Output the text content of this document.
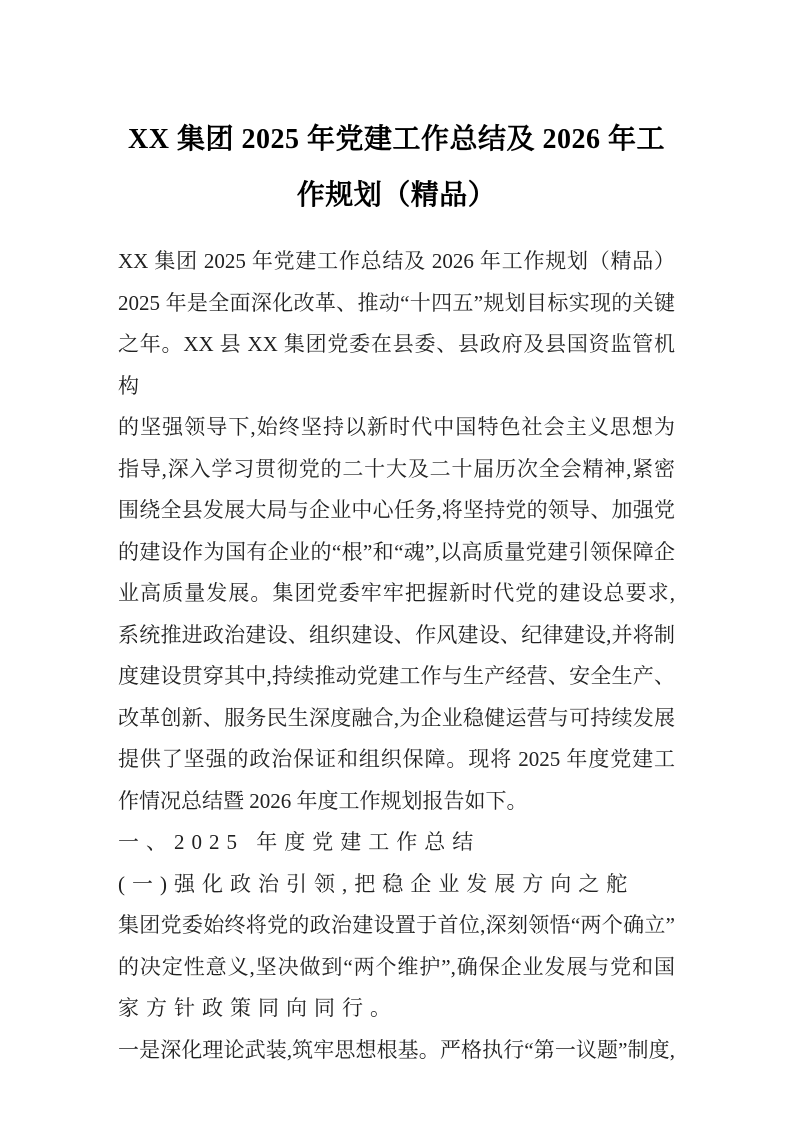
XX 集团 2025 年党建工作总结及 2026 年工
作规划（精品）
XX 集团 2025 年党建工作总结及 2026 年工作规划（精品）
2025 年是全面深化改革、推动“十四五”规划目标实现的关键
之年。XX 县 XX 集团党委在县委、县政府及县国资监管机构
的坚强领导下,始终坚持以新时代中国特色社会主义思想为
指导,深入学习贯彻党的二十大及二十届历次全会精神,紧密
围绕全县发展大局与企业中心任务,将坚持党的领导、加强党
的建设作为国有企业的“根”和“魂”,以高质量党建引领保障企
业高质量发展。集团党委牢牢把握新时代党的建设总要求,
系统推进政治建设、组织建设、作风建设、纪律建设,并将制
度建设贯穿其中,持续推动党建工作与生产经营、安全生产、
改革创新、服务民生深度融合,为企业稳健运营与可持续发展
提供了坚强的政治保证和组织保障。现将 2025 年度党建工
作情况总结暨 2026 年度工作规划报告如下。
一、2025 年度党建工作总结
(一)强化政治引领,把稳企业发展方向之舵
集团党委始终将党的政治建设置于首位,深刻领悟“两个确立”
的决定性意义,坚决做到“两个维护”,确保企业发展与党和国
家方针政策同向同行。
一是深化理论武装,筑牢思想根基。严格执行“第一议题”制度,
